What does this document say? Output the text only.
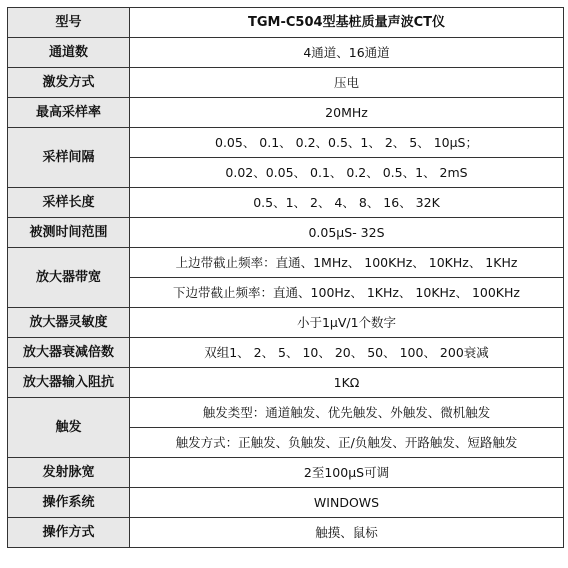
型号	TGM-C504型基桩质量声波CT仪
通道数	4通道、16通道
激发方式	压电
最高采样率	20MHz
采样间隔	0.05、 0.1、 0.2、0.5、1、 2、 5、 10μS；
	0.02、0.05、 0.1、 0.2、 0.5、1、 2mS
采样长度	0.5、1、 2、 4、 8、 16、 32K
被测时间范围	0.05μS- 32S
放大器带宽	上边带截止频率：直通、1MHz、 100KHz、 10KHz、 1KHz
	下边带截止频率：直通、100Hz、 1KHz、 10KHz、 100KHz
放大器灵敏度	小于1μV/1个数字
放大器衰减倍数	双组1、 2、 5、 10、 20、 50、 100、 200衰减
放大器输入阻抗	1KΩ
触发	触发类型：通道触发、优先触发、外触发、微机触发
	触发方式：正触发、负触发、正/负触发、开路触发、短路触发
发射脉宽	2至100μS可调
操作系统	WINDOWS
操作方式	触摸、鼠标
